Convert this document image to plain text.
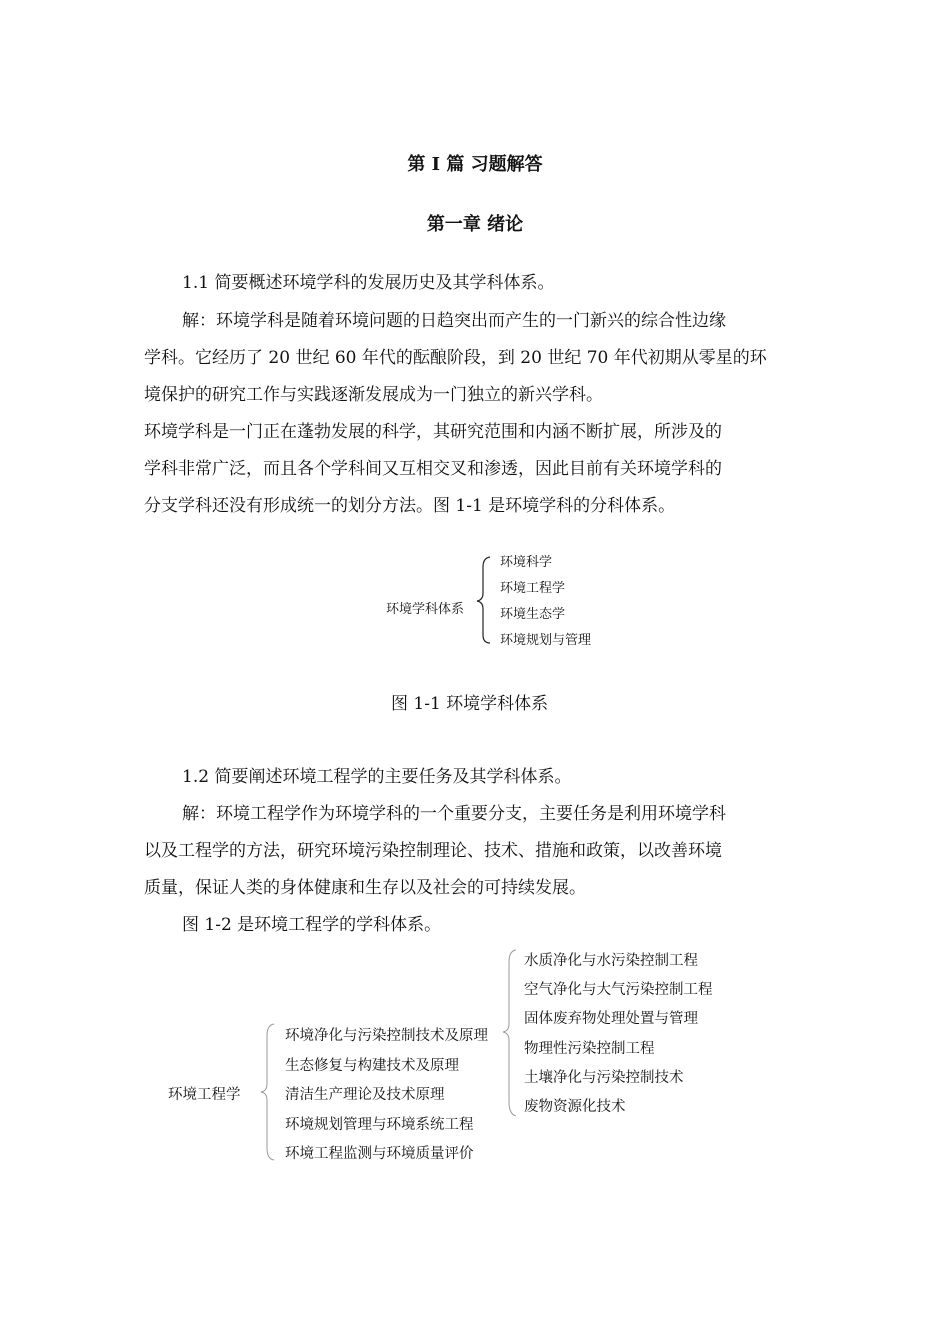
第 I 篇 习题解答
第一章 绪论
1.1 简要概述环境学科的发展历史及其学科体系。
解：环境学科是随着环境问题的日趋突出而产生的一门新兴的综合性边缘
学科。它经历了 20 世纪 60 年代的酝酿阶段，到 20 世纪 70 年代初期从零星的环
境保护的研究工作与实践逐渐发展成为一门独立的新兴学科。
环境学科是一门正在蓬勃发展的科学，其研究范围和内涵不断扩展，所涉及的
学科非常广泛，而且各个学科间又互相交叉和渗透，因此目前有关环境学科的
分支学科还没有形成统一的划分方法。图 1-1 是环境学科的分科体系。
环境学科体系
环境科学
环境工程学
环境生态学
环境规划与管理
图 1-1 环境学科体系
1.2 简要阐述环境工程学的主要任务及其学科体系。
解：环境工程学作为环境学科的一个重要分支，主要任务是利用环境学科
以及工程学的方法，研究环境污染控制理论、技术、措施和政策，以改善环境
质量，保证人类的身体健康和生存以及社会的可持续发展。
图 1-2 是环境工程学的学科体系。
环境工程学
环境净化与污染控制技术及原理
生态修复与构建技术及原理
清洁生产理论及技术原理
环境规划管理与环境系统工程
环境工程监测与环境质量评价
水质净化与水污染控制工程
空气净化与大气污染控制工程
固体废弃物处理处置与管理
物理性污染控制工程
土壤净化与污染控制技术
废物资源化技术
